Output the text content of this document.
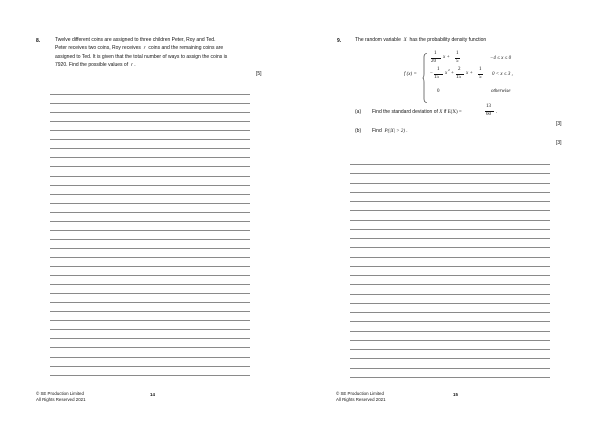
8.	Twelve different coins are assigned to three children Peter, Roy and Ted.
Peter receives two coins, Roy receives r coins and the remaining coins are
assigned to Ted. It is given that the total number of ways to assign the coins is
7920. Find the possible values of r .
[5]
© SE Production Limited
All Rights Reserved 2021
14
9.	The random variable X has the probability density function
f (x) =
1
20
x +
1
5
−4 ≤ x ≤ 0
−
1
15
x
2
+
2
15
x +
1
5
0 < x ≤ 3 ,
0	otherwise
(a) Find the standard deviation of X if E(X) =
13
60 .
[3]
(b) Find P(|X| > 2) .
[3]
© SE Production Limited
All Rights Reserved 2021
15
